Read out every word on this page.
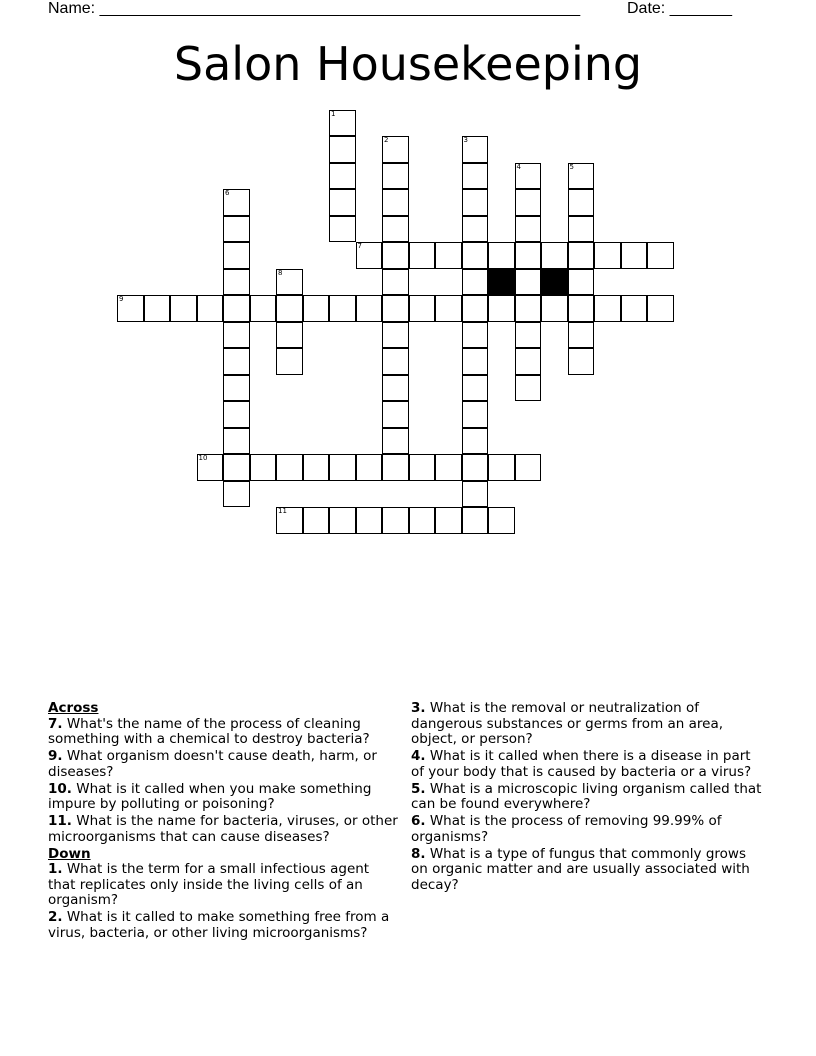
Name: ______________________________________________________	Date: _______
Salon Housekeeping
1
2	3
4	5
6
7
8
9
10
11
Across
7. What's the name of the process of cleaning something with a chemical to destroy bacteria?
9. What organism doesn't cause death, harm, or diseases?
10. What is it called when you make something impure by polluting or poisoning?
11. What is the name for bacteria, viruses, or other microorganisms that can cause diseases?
Down
1. What is the term for a small infectious agent that replicates only inside the living cells of an organism?
2. What is it called to make something free from a virus, bacteria, or other living microorganisms?
3. What is the removal or neutralization of dangerous substances or germs from an area, object, or person?
4. What is it called when there is a disease in part of your body that is caused by bacteria or a virus?
5. What is a microscopic living organism called that can be found everywhere?
6. What is the process of removing 99.99% of organisms?
8. What is a type of fungus that commonly grows on organic matter and are usually associated with decay?
